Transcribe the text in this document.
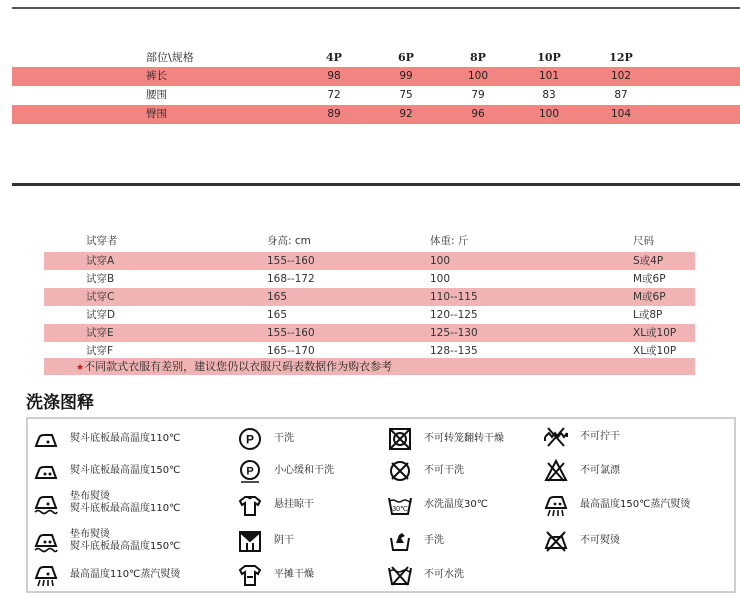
部位\规格	4P	6P	8P	10P	12P
裤长	98	99	100	101	102
腰围	72	75	79	83	87
臀围	89	92	96	100	104
试穿者	身高: cm	体重: 斤	尺码
试穿A	155--160	100	S或4P
试穿B	168--172	100	M或6P
试穿C	165	110--115	M或6P
试穿D	165	120--125	L或8P
试穿E	155--160	125--130	XL或10P
试穿F	165--170	128--135	XL或10P
★不同款式衣服有差别，建议您仍以衣服尺码表数据作为购衣参考
洗涤图释
熨斗底板最高温度110℃
熨斗底板最高温度150℃
垫布熨烫
熨斗底板最高温度110℃
垫布熨烫
熨斗底板最高温度150℃
最高温度110℃蒸汽熨烫
P 干洗
P 小心缓和干洗
悬挂晾干
阴干
平摊干燥
不可转笼翻转干燥
不可干洗
30℃ 水洗温度30℃
手洗
不可水洗
不可拧干
不可氯漂
最高温度150℃蒸汽熨烫
不可熨烫
